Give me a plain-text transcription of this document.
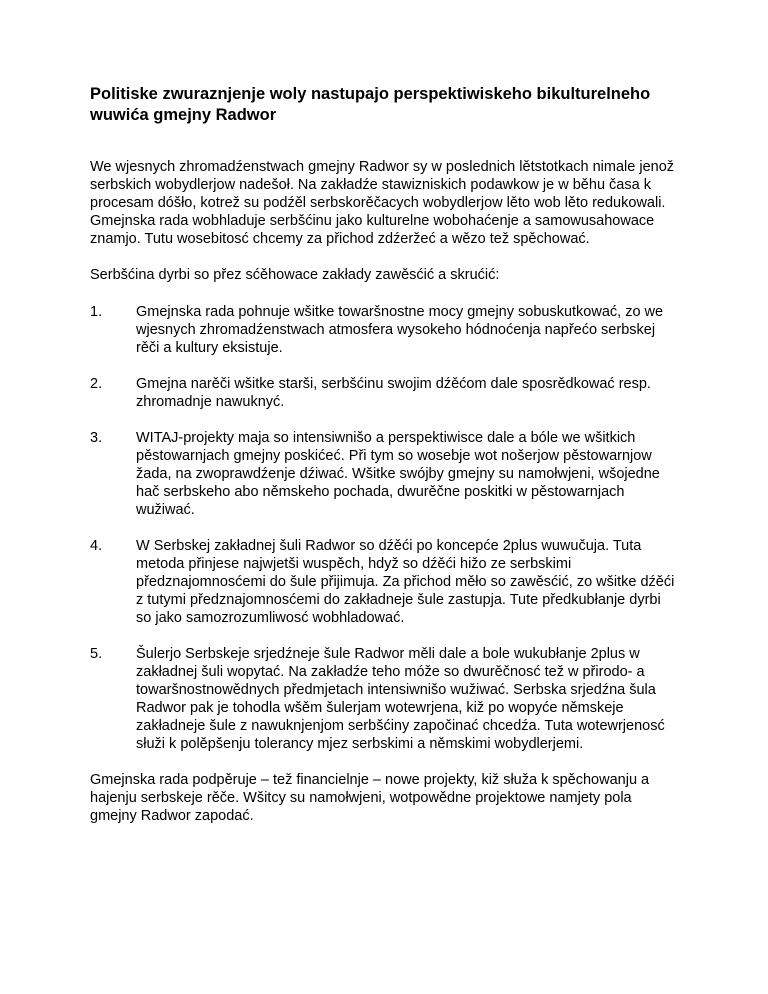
Politiske zwuraznjenje woly nastupajo perspektiwiskeho bikulturelneho wuwića gmejny Radwor

We wjesnych zhromadźenstwach gmejny Radwor sy w poslednich lětstotkach nimale jenož serbskich wobydlerjow nadešoł. Na zakładźe stawizniskich podawkow je w běhu časa k procesam dóšło, kotrež su podźěl serbskorěčacych wobydlerjow lěto wob lěto redukowali. Gmejnska rada wobhladuje serbšćinu jako kulturelne wobohaćenje a samowusahowace znamjo. Tutu wosebitosć chcemy za přichod zdźeržeć a wězo tež spěchować.

Serbšćina dyrbi so přez sćěhowace zakłady zawěsćić a skrućić:

1. Gmejnska rada pohnuje wšitke towaršnostne mocy gmejny sobuskutkować, zo we wjesnych zhromadźenstwach atmosfera wysokeho hódnoćenja napřećo serbskej rěči a kultury eksistuje.
2. Gmejna narěči wšitke starši, serbšćinu swojim dźěćom dale sposrědkować resp. zhromadnje nawuknyć.
3. WITAJ-projekty maja so intensiwnišo a perspektiwisce dale a bóle we wšitkich pěstowarnjach gmejny poskićeć. Při tym so wosebje wot nošerjow pěstowarnjow žada, na zwoprawdźenje dźiwać. Wšitke swójby gmejny su namołwjeni, wšojedne hač serbskeho abo němskeho pochada, dwurěčne poskitki w pěstowarnjach wužiwać.
4. W Serbskej zakładnej šuli Radwor so dźěći po koncepće 2plus wuwučuja. Tuta metoda přinjese najwjetši wuspěch, hdyž so dźěći hižo ze serbskimi předznajomnosćemi do šule přijimuja. Za přichod měło so zawěsćić, zo wšitke dźěći z tutymi předznajomnosćemi do zakładneje šule zastupja. Tute předkubłanje dyrbi so jako samozrozumliwosć wobhladować.
5. Šulerjo Serbskeje srjedźneje šule Radwor měli dale a bole wukubłanje 2plus w zakładnej šuli wopytać. Na zakładźe teho móže so dwurěčnosć tež w přirodo- a towaršnostnowědnych předmjetach intensiwnišo wužiwać. Serbska srjedźna šula Radwor pak je tohodla wšěm šulerjam wotewrjena, kiž po wopyće němskeje zakładneje šule z nawuknjenjom serbšćiny započinać chcedźa. Tuta wotewrjenosć słuži k polěpšenju tolerancy mjez serbskimi a němskimi wobydlerjemi.

Gmejnska rada podpěruje – tež financielnje – nowe projekty, kiž słuža k spěchowanju a hajenju serbskeje rěče. Wšitcy su namołwjeni, wotpowědne projektowe namjety pola gmejny Radwor zapodać.
